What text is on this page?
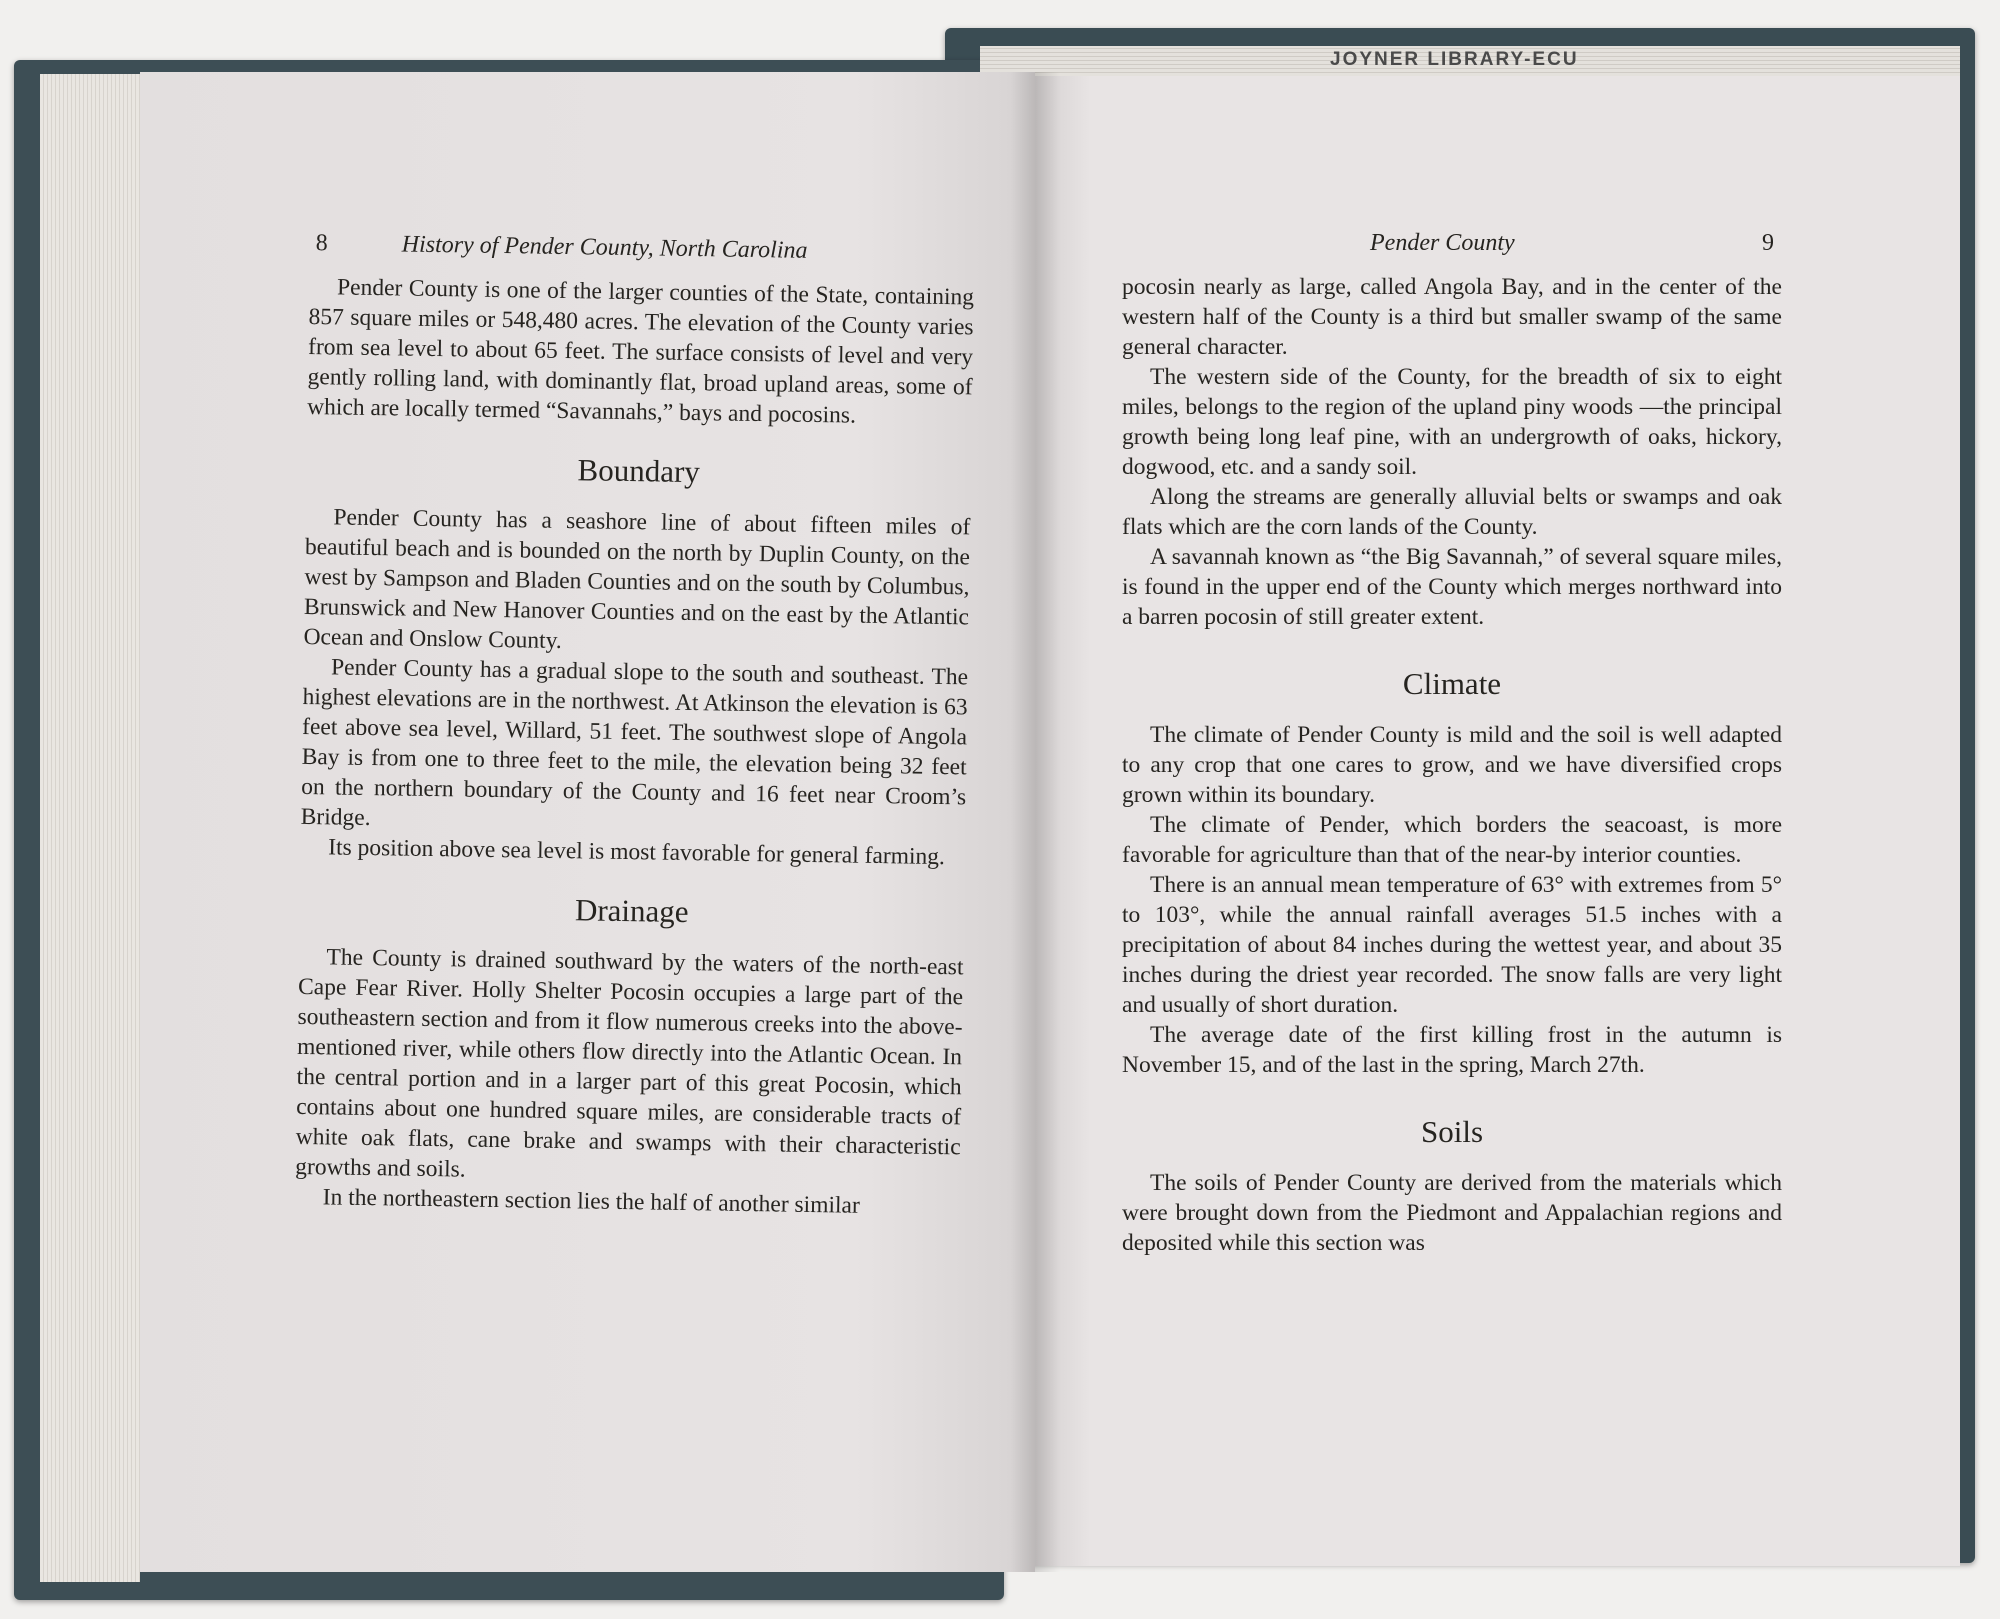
JOYNER LIBRARY-ECU
8	History of Pender County, North Carolina

Pender County is one of the larger counties of the State, containing 857 square miles or 548,480 acres. The elevation of the County varies from sea level to about 65 feet. The surface consists of level and very gently rolling land, with dominantly flat, broad upland areas, some of which are locally termed “Savannahs,” bays and pocosins.

Boundary

Pender County has a seashore line of about fifteen miles of beautiful beach and is bounded on the north by Duplin County, on the west by Sampson and Bladen Counties and on the south by Columbus, Brunswick and New Hanover Counties and on the east by the Atlantic Ocean and Onslow County.

Pender County has a gradual slope to the south and southeast. The highest elevations are in the northwest. At Atkinson the elevation is 63 feet above sea level, Willard, 51 feet. The southwest slope of Angola Bay is from one to three feet to the mile, the elevation being 32 feet on the northern boundary of the County and 16 feet near Croom’s Bridge.

Its position above sea level is most favorable for general farming.

Drainage

The County is drained southward by the waters of the north-east Cape Fear River. Holly Shelter Pocosin occupies a large part of the southeastern section and from it flow numerous creeks into the above-mentioned river, while others flow directly into the Atlantic Ocean. In the central portion and in a larger part of this great Pocosin, which contains about one hundred square miles, are considerable tracts of white oak flats, cane brake and swamps with their characteristic growths and soils.

In the northeastern section lies the half of another similar

Pender County	9

pocosin nearly as large, called Angola Bay, and in the center of the western half of the County is a third but smaller swamp of the same general character.

The western side of the County, for the breadth of six to eight miles, belongs to the region of the upland piny woods —the principal growth being long leaf pine, with an undergrowth of oaks, hickory, dogwood, etc. and a sandy soil.

Along the streams are generally alluvial belts or swamps and oak flats which are the corn lands of the County.

A savannah known as “the Big Savannah,” of several square miles, is found in the upper end of the County which merges northward into a barren pocosin of still greater extent.

Climate

The climate of Pender County is mild and the soil is well adapted to any crop that one cares to grow, and we have diversified crops grown within its boundary.

The climate of Pender, which borders the seacoast, is more favorable for agriculture than that of the near-by interior counties.

There is an annual mean temperature of 63° with extremes from 5° to 103°, while the annual rainfall averages 51.5 inches with a precipitation of about 84 inches during the wettest year, and about 35 inches during the driest year recorded. The snow falls are very light and usually of short duration.

The average date of the first killing frost in the autumn is November 15, and of the last in the spring, March 27th.

Soils

The soils of Pender County are derived from the materials which were brought down from the Piedmont and Appalachian regions and deposited while this section was
